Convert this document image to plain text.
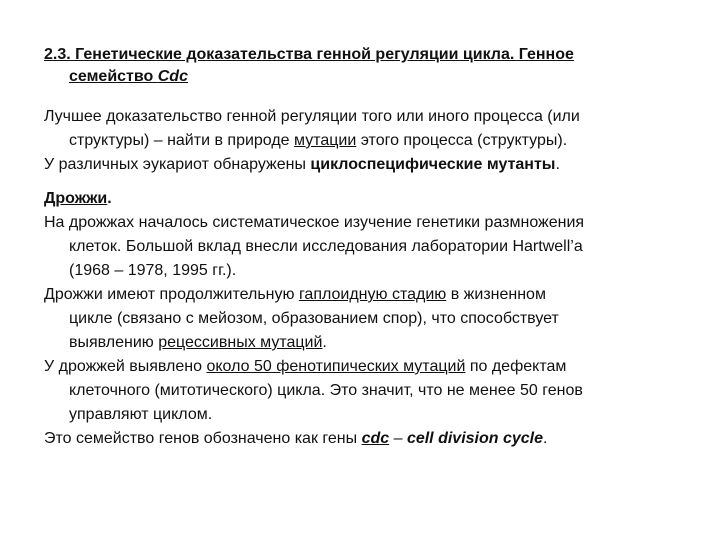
2.3. Генетические доказательства генной регуляции цикла. Генное
семейство Cdc

Лучшее доказательство генной регуляции того или иного процесса (или
структуры) – найти в природе мутации этого процесса (структуры).

У различных эукариот обнаружены циклоспецифические мутанты.

Дрожжи.

На дрожжах началось систематическое изучение генетики размножения
клеток. Большой вклад внесли исследования лаборатории Hartwell’a
(1968 – 1978, 1995 гг.).

Дрожжи имеют продолжительную гаплоидную стадию в жизненном
цикле (связано с мейозом, образованием спор), что способствует
выявлению рецессивных мутаций.

У дрожжей выявлено около 50 фенотипических мутаций по дефектам
клеточного (митотического) цикла. Это значит, что не менее 50 генов
управляют циклом.

Это семейство генов обозначено как гены cdc – cell division cycle.
